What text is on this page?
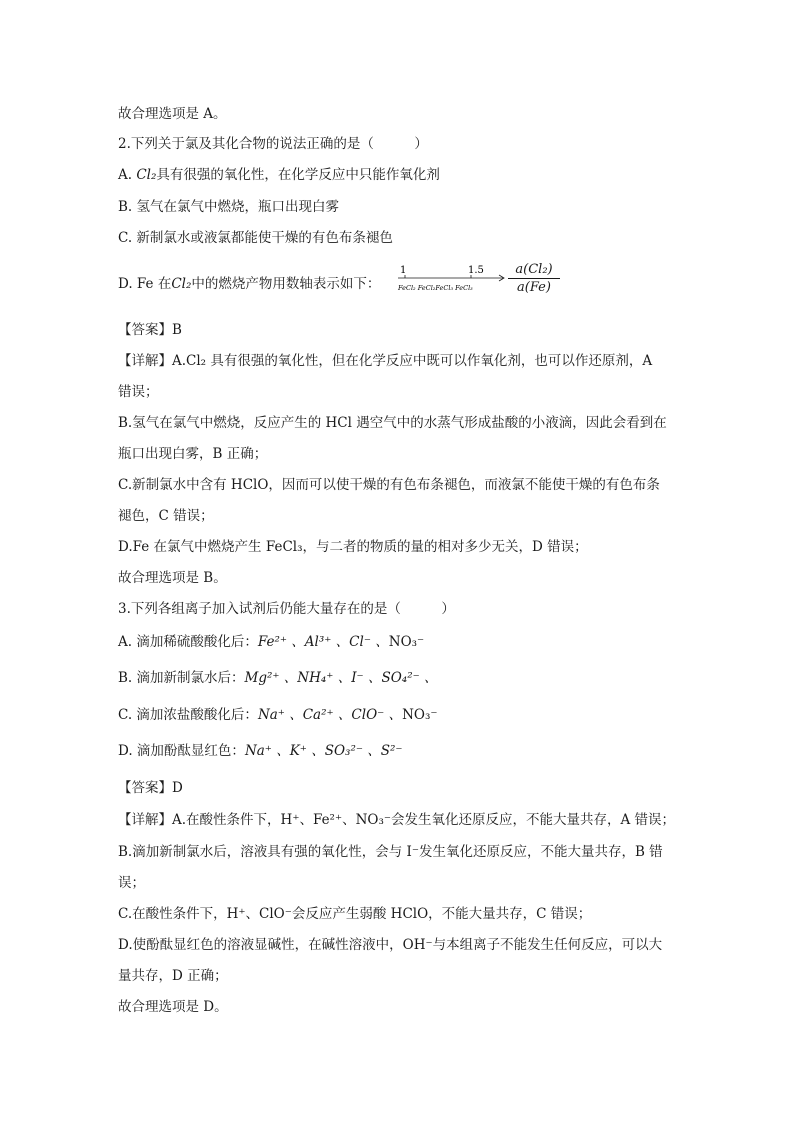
故合理选项是 A。
2.下列关于氯及其化合物的说法正确的是（　　　）
A. Cl₂具有很强的氧化性，在化学反应中只能作氧化剂
B. 氢气在氯气中燃烧，瓶口出现白雾
C. 新制氯水或液氯都能使干燥的有色布条褪色
D. Fe 在Cl₂中的燃烧产物用数轴表示如下：
1	1.5
FeCl₂ FeCl₂FeCl₃ FeCl₃	$\frac{\text{a(Cl₂)}}{a(Fe)}$
【答案】B
【详解】A.Cl₂ 具有很强的氧化性，但在化学反应中既可以作氧化剂，也可以作还原剂，A
错误；
B.氢气在氯气中燃烧，反应产生的 HCl 遇空气中的水蒸气形成盐酸的小液滴，因此会看到在
瓶口出现白雾，B 正确；
C.新制氯水中含有 HClO，因而可以使干燥的有色布条褪色，而液氯不能使干燥的有色布条
褪色，C 错误；
D.Fe 在氯气中燃烧产生 FeCl₃，与二者的物质的量的相对多少无关，D 错误；
故合理选项是 B。
3.下列各组离子加入试剂后仍能大量存在的是（　　　）
A. 滴加稀硫酸酸化后：Fe²⁺ 、Al³⁺ 、Cl⁻ 、NO₃⁻
B. 滴加新制氯水后：Mg²⁺ 、NH₄⁺ 、I⁻ 、SO₄²⁻ 、
C. 滴加浓盐酸酸化后：Na⁺ 、Ca²⁺ 、ClO⁻ 、NO₃⁻
D. 滴加酚酞显红色：Na⁺ 、K⁺ 、SO₃²⁻ 、S²⁻
【答案】D
【详解】A.在酸性条件下，H⁺、Fe²⁺、NO₃⁻会发生氧化还原反应，不能大量共存，A 错误；
B.滴加新制氯水后，溶液具有强的氧化性，会与 I⁻发生氧化还原反应，不能大量共存，B 错
误；
C.在酸性条件下，H⁺、ClO⁻会反应产生弱酸 HClO，不能大量共存，C 错误；
D.使酚酞显红色的溶液显碱性，在碱性溶液中，OH⁻与本组离子不能发生任何反应，可以大
量共存，D 正确；
故合理选项是 D。
